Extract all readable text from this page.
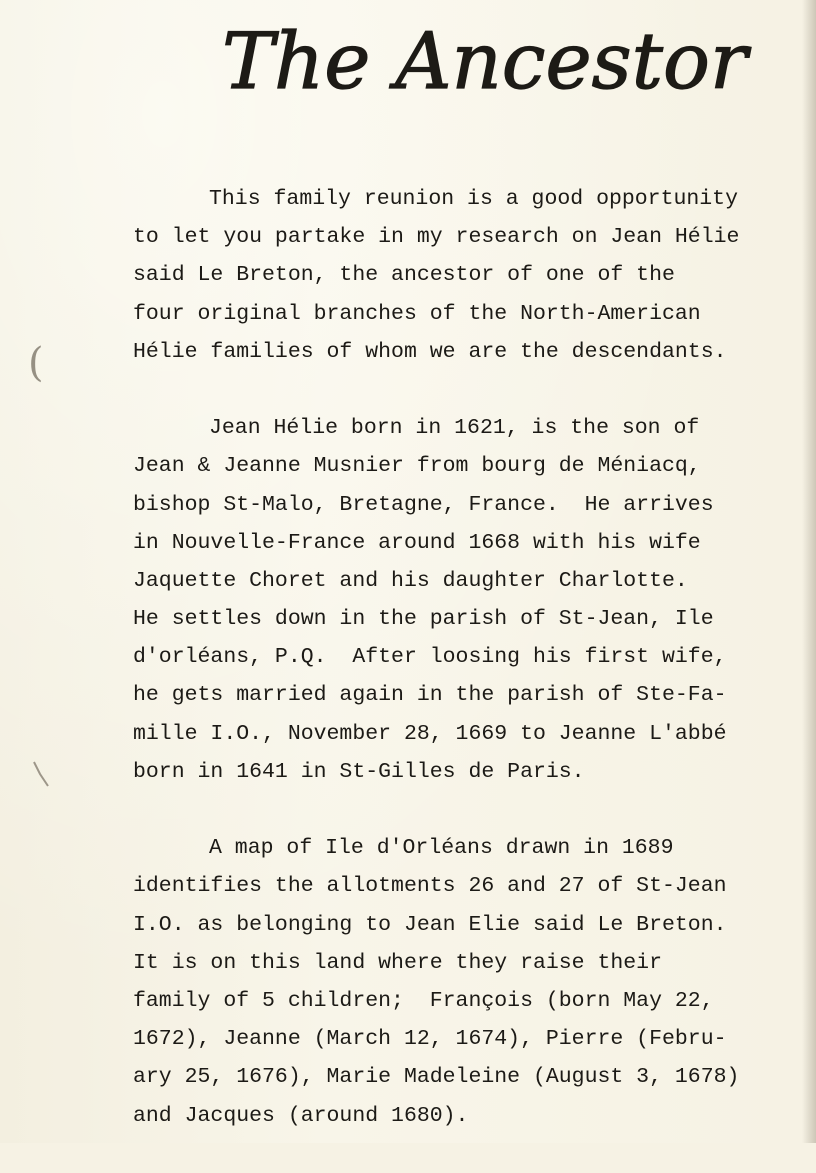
The Ancestor
(
This family reunion is a good opportunity
to let you partake in my research on Jean Hélie
said Le Breton, the ancestor of one of the
four original branches of the North-American
Hélie families of whom we are the descendants.
Jean Hélie born in 1621, is the son of
Jean & Jeanne Musnier from bourg de Méniacq,
bishop St-Malo, Bretagne, France.  He arrives
in Nouvelle-France around 1668 with his wife
Jaquette Choret and his daughter Charlotte.
He settles down in the parish of St-Jean, Ile
d'orléans, P.Q.  After loosing his first wife,
he gets married again in the parish of Ste-Fa-
mille I.O., November 28, 1669 to Jeanne L'abbé
born in 1641 in St-Gilles de Paris.
A map of Ile d'Orléans drawn in 1689
identifies the allotments 26 and 27 of St-Jean
I.O. as belonging to Jean Elie said Le Breton.
It is on this land where they raise their
family of 5 children;  François (born May 22,
1672), Jeanne (March 12, 1674), Pierre (Febru-
ary 25, 1676), Marie Madeleine (August 3, 1678)
and Jacques (around 1680).
